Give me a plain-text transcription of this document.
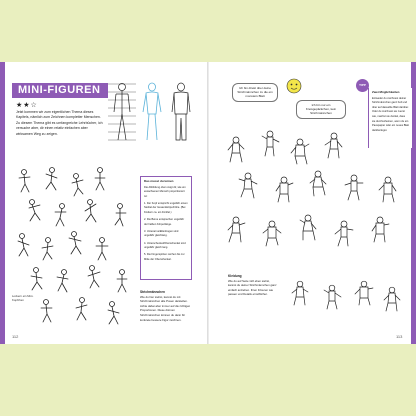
MINI-FIGUREN
★★☆
Jetzt kommen wir zum eigentlichen Thema dieses Kapitels, nämlich zum Zeichnen kompletter Menschen. Zu diesem Thema gibt es umfangreiche Lehrbücher, ich versuche aber, dir einen relativ einfachen aber wirksamen Weg zu zeigen.
Das musst du lernen

Die Abbildung oben zeigt dir, wie ein erwachsener Mensch proportioniert ist:

1. Der Kopf entspricht ungefähr einem Siebtel der Gesamtkörperhöhe. (Bei Kindern ca. ein Fünftel.)

2. Die Beine entsprechen ungefähr der halben Körperlänge.

3. Unterarme/Ellenbogen sind ungefähr gleichlang.

4. Unterschenkel/Oberschenkel sind ungefähr gleich lang.

5. Die Fingerspitzen reichen bis zur Mitte der Oberschenkel.

Strichmännchen
Wie du hier siehst, kannst du mit Strichmännchen alle Posen darstellen. Achte dabei aber immer auf die richtigen Proportionen. Diese dünnen Strichmännchen können du dann für konkrete bessere Figur zeichnen.
Lockern ein Mini-Kopfchen
112
Ich bin direkt über deine Strichmännchen zu die ein monsters Blatt
Ich bin nur ein Kreisgepäckchen, kein Strichmännchen
TIPP
Zwei Möglichkeiten
Entweder du zeichnest deiner Strichmännchen ganz hell und über auf dasselbe Blatt darüber. Oder du zeichnest sie zuerst wie, machst sie dunkel, dass sie durchscheinen, wenn du ein Pauspapier oder ein neues Blatt darüberlegst.
Kleidung
Wie du auf Seite 122 eben siehst, kannst du deiner Strichmännchen ganz einfach anziehen. Ihren Frisuren wie passen und Details ernsthlicher.
113
